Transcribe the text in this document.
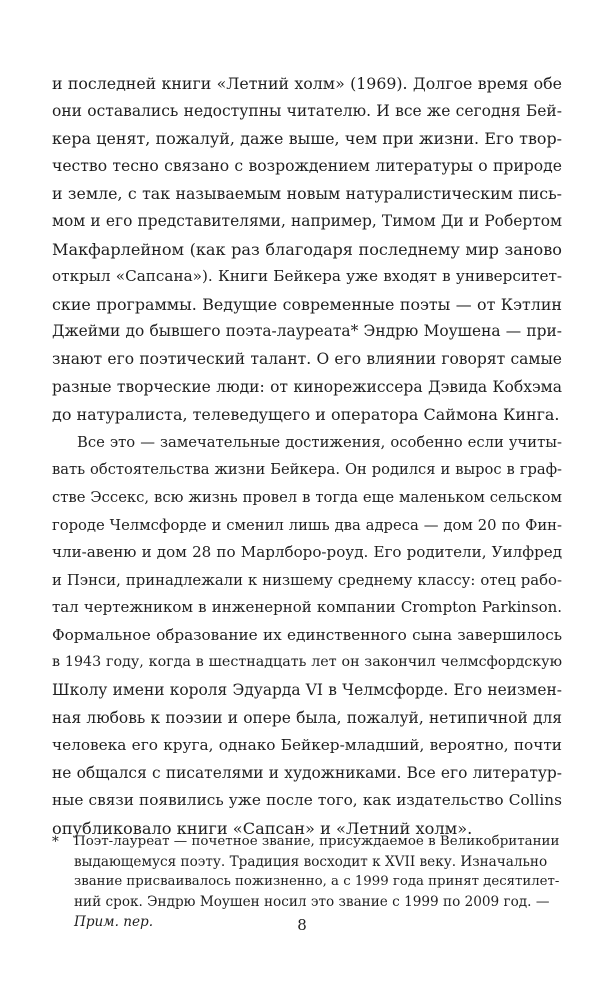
и последней книги «Летний холм» (1969). Долгое время обе
они оставались недоступны читателю. И все же сегодня Бей-
кера ценят, пожалуй, даже выше, чем при жизни. Его твор-
чество тесно связано с возрождением литературы о природе
и земле, с так называемым новым натуралистическим пись-
мом и его представителями, например, Тимом Ди и Робертом
Макфарлейном (как раз благодаря последнему мир заново
открыл «Сапсана»). Книги Бейкера уже входят в университет-
ские программы. Ведущие современные поэты — от Кэтлин
Джейми до бывшего поэта-лауреата* Эндрю Моушена — при-
знают его поэтический талант. О его влиянии говорят самые
разные творческие люди: от кинорежиссера Дэвида Кобхэма
до натуралиста, телеведущего и оператора Саймона Кинга.

Все это — замечательные достижения, особенно если учиты-
вать обстоятельства жизни Бейкера. Он родился и вырос в граф-
стве Эссекс, всю жизнь провел в тогда еще маленьком сельском
городе Челмсфорде и сменил лишь два адреса — дом 20 по Фин-
чли-авеню и дом 28 по Марлборо-роуд. Его родители, Уилфред
и Пэнси, принадлежали к низшему среднему классу: отец рабо-
тал чертежником в инженерной компании Crompton Parkinson.
Формальное образование их единственного сына завершилось
в 1943 году, когда в шестнадцать лет он закончил челмсфордскую
Школу имени короля Эдуарда VI в Челмсфорде. Его неизмен-
ная любовь к поэзии и опере была, пожалуй, нетипичной для
человека его круга, однако Бейкер-младший, вероятно, почти
не общался с писателями и художниками. Все его литератур-
ные связи появились уже после того, как издательство Collins
опубликовало книги «Сапсан» и «Летний холм».

* Поэт-лауреат — почетное звание, присуждаемое в Великобритании
выдающемуся поэту. Традиция восходит к XVII веку. Изначально
звание присваивалось пожизненно, а с 1999 года принят десятилет-
ний срок. Эндрю Моушен носил это звание с 1999 по 2009 год. —
Прим. пер.	8
